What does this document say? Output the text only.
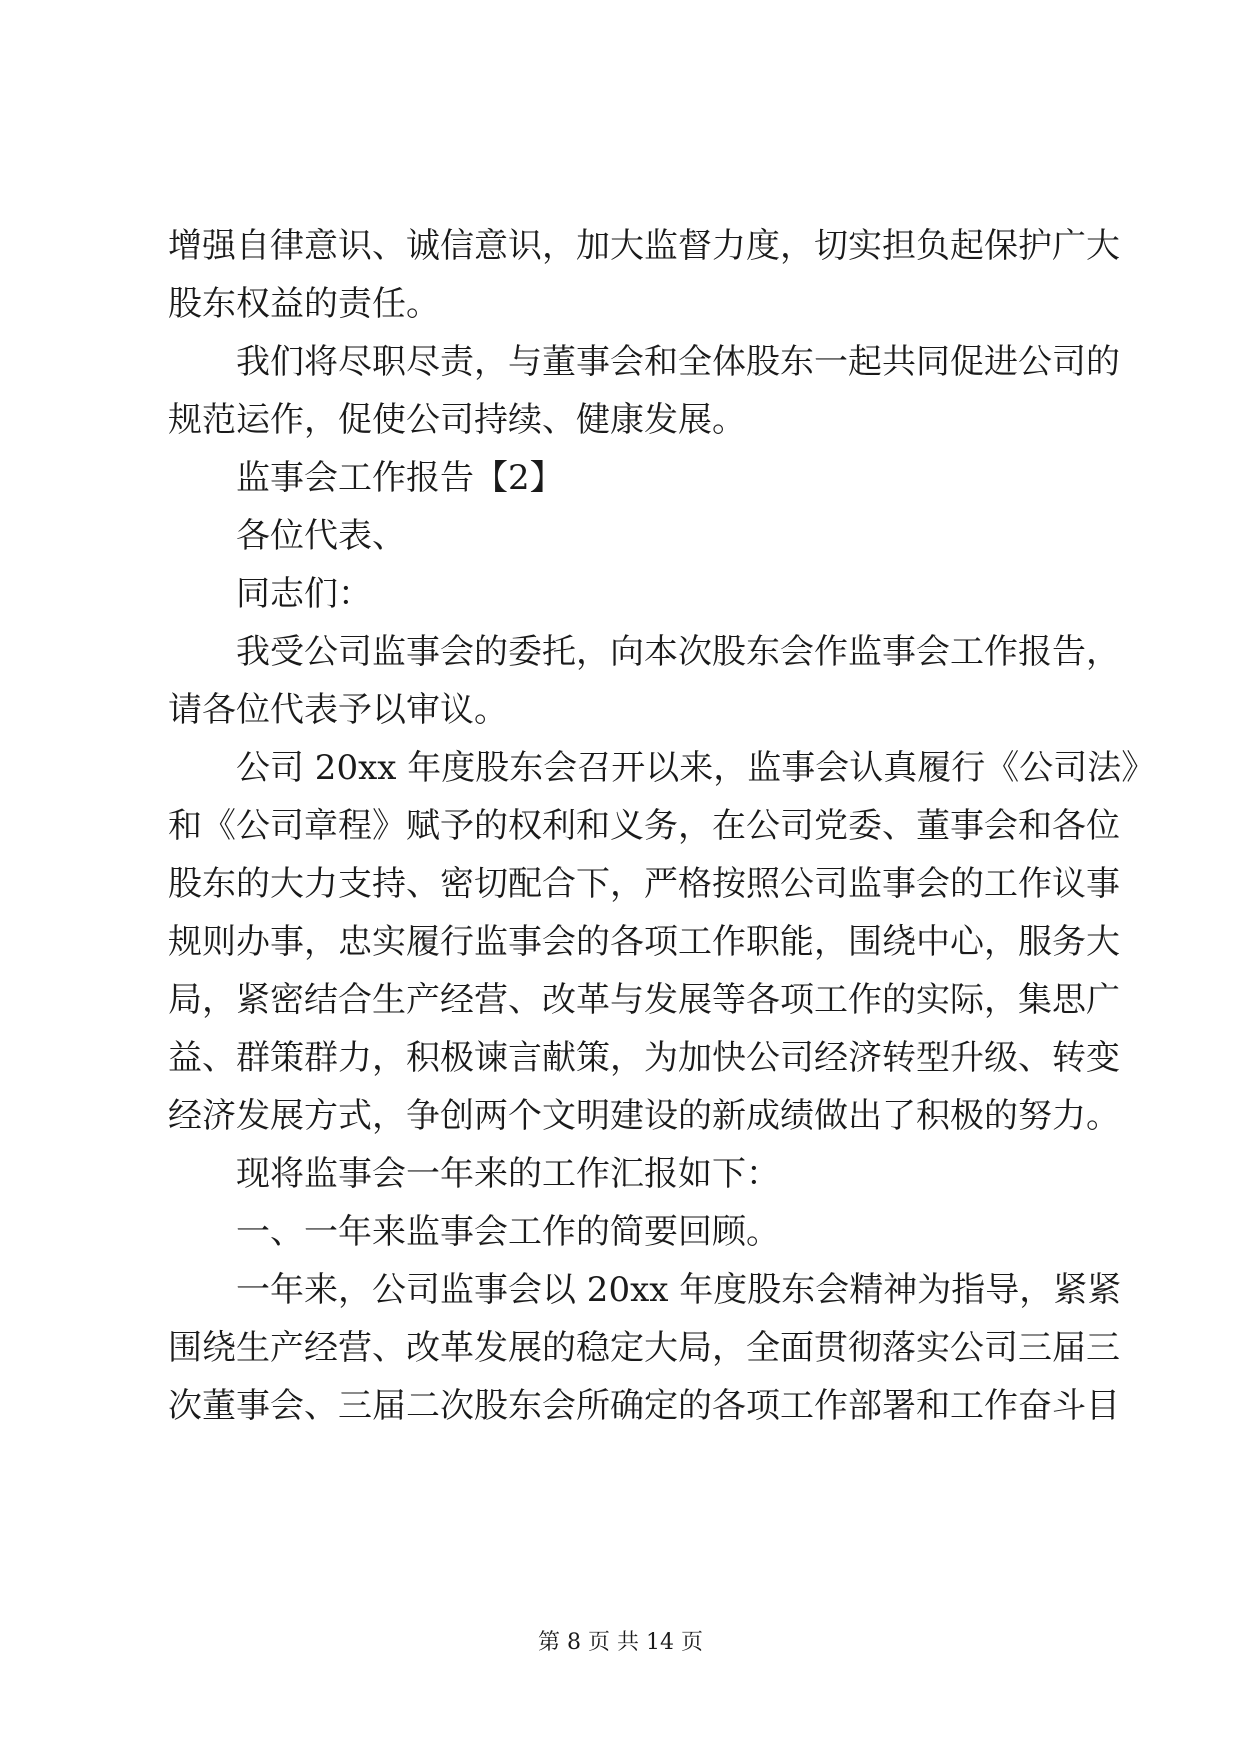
增强自律意识、诚信意识，加大监督力度，切实担负起保护广大
股东权益的责任。
我们将尽职尽责，与董事会和全体股东一起共同促进公司的
规范运作，促使公司持续、健康发展。
监事会工作报告【2】
各位代表、
同志们：
我受公司监事会的委托，向本次股东会作监事会工作报告，
请各位代表予以审议。
公司 20xx 年度股东会召开以来，监事会认真履行《公司法》
和《公司章程》赋予的权利和义务，在公司党委、董事会和各位
股东的大力支持、密切配合下，严格按照公司监事会的工作议事
规则办事，忠实履行监事会的各项工作职能，围绕中心，服务大
局，紧密结合生产经营、改革与发展等各项工作的实际，集思广
益、群策群力，积极谏言献策，为加快公司经济转型升级、转变
经济发展方式，争创两个文明建设的新成绩做出了积极的努力。
现将监事会一年来的工作汇报如下：
一、一年来监事会工作的简要回顾。
一年来，公司监事会以 20xx 年度股东会精神为指导，紧紧
围绕生产经营、改革发展的稳定大局，全面贯彻落实公司三届三
次董事会、三届二次股东会所确定的各项工作部署和工作奋斗目
第 8 页 共 14 页
